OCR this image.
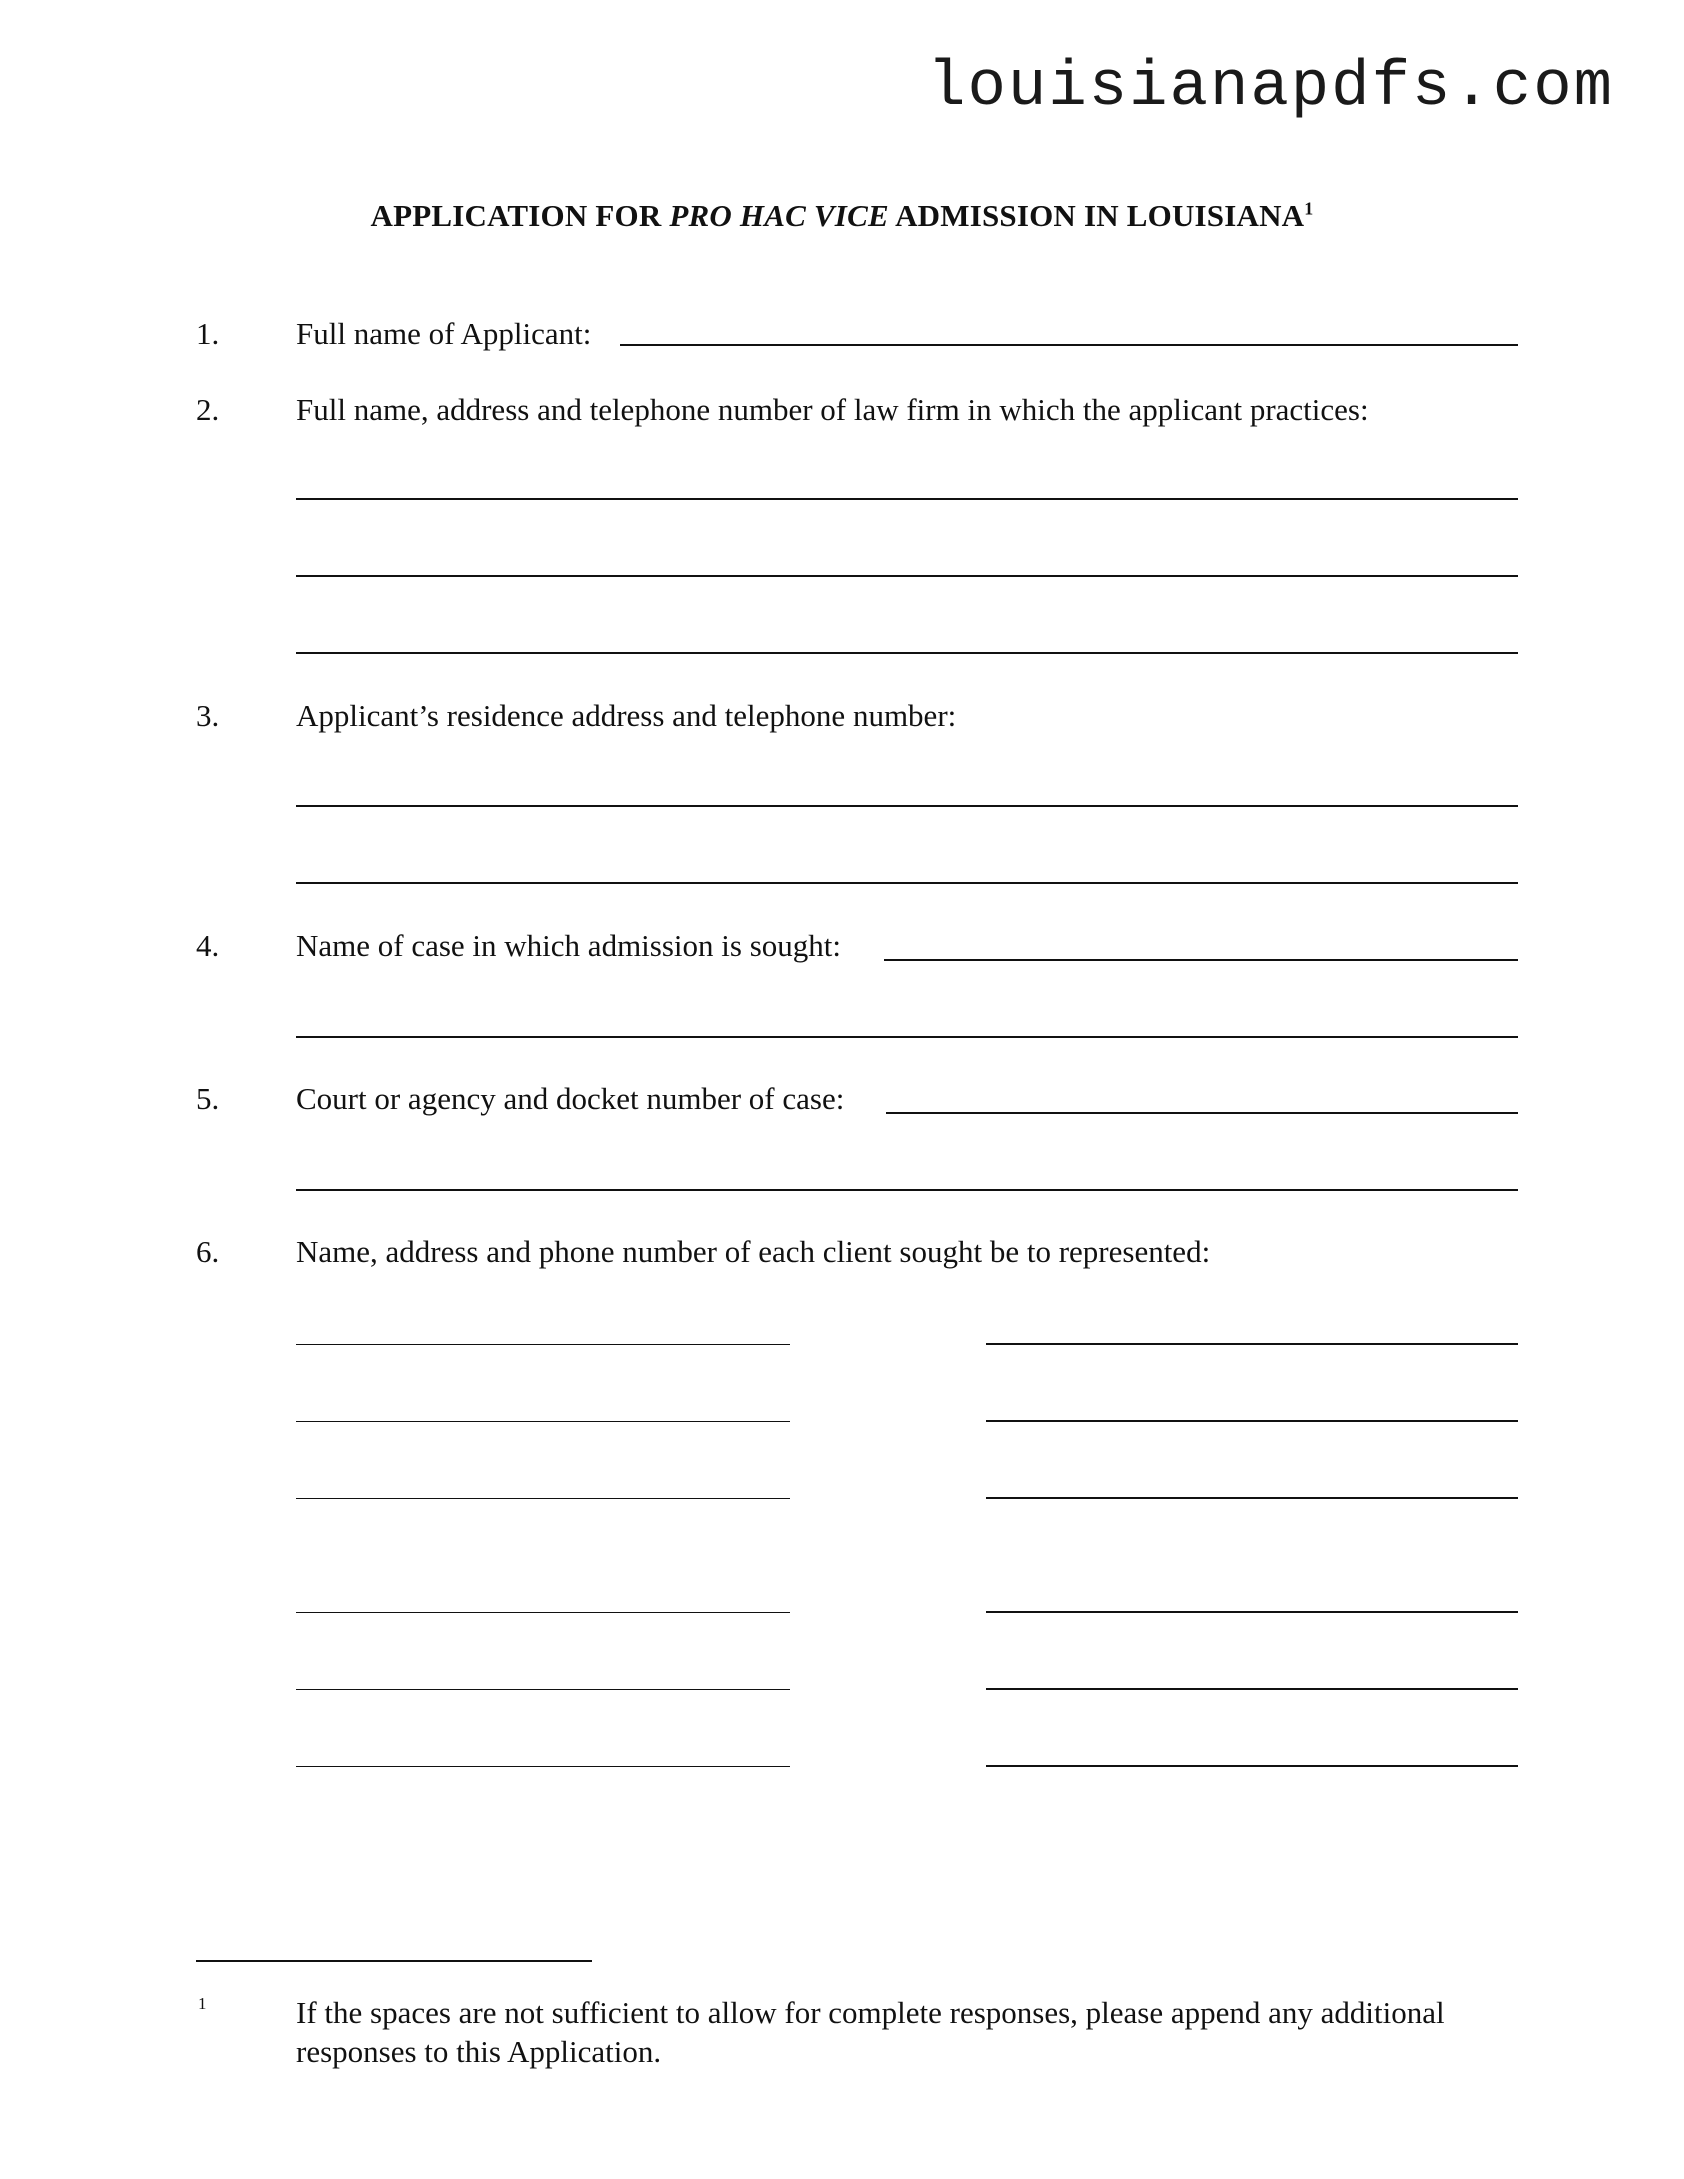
louisianapdfs.com
APPLICATION FOR PRO HAC VICE ADMISSION IN LOUISIANA$^1$
1. Full name of Applicant:
2. Full name, address and telephone number of law firm in which the applicant practices:
3. Applicant’s residence address and telephone number:
4. Name of case in which admission is sought:
5. Court or agency and docket number of case:
6. Name, address and phone number of each client sought be to represented:
1	If the spaces are not sufficient to allow for complete responses, please append any additional responses to this Application.
